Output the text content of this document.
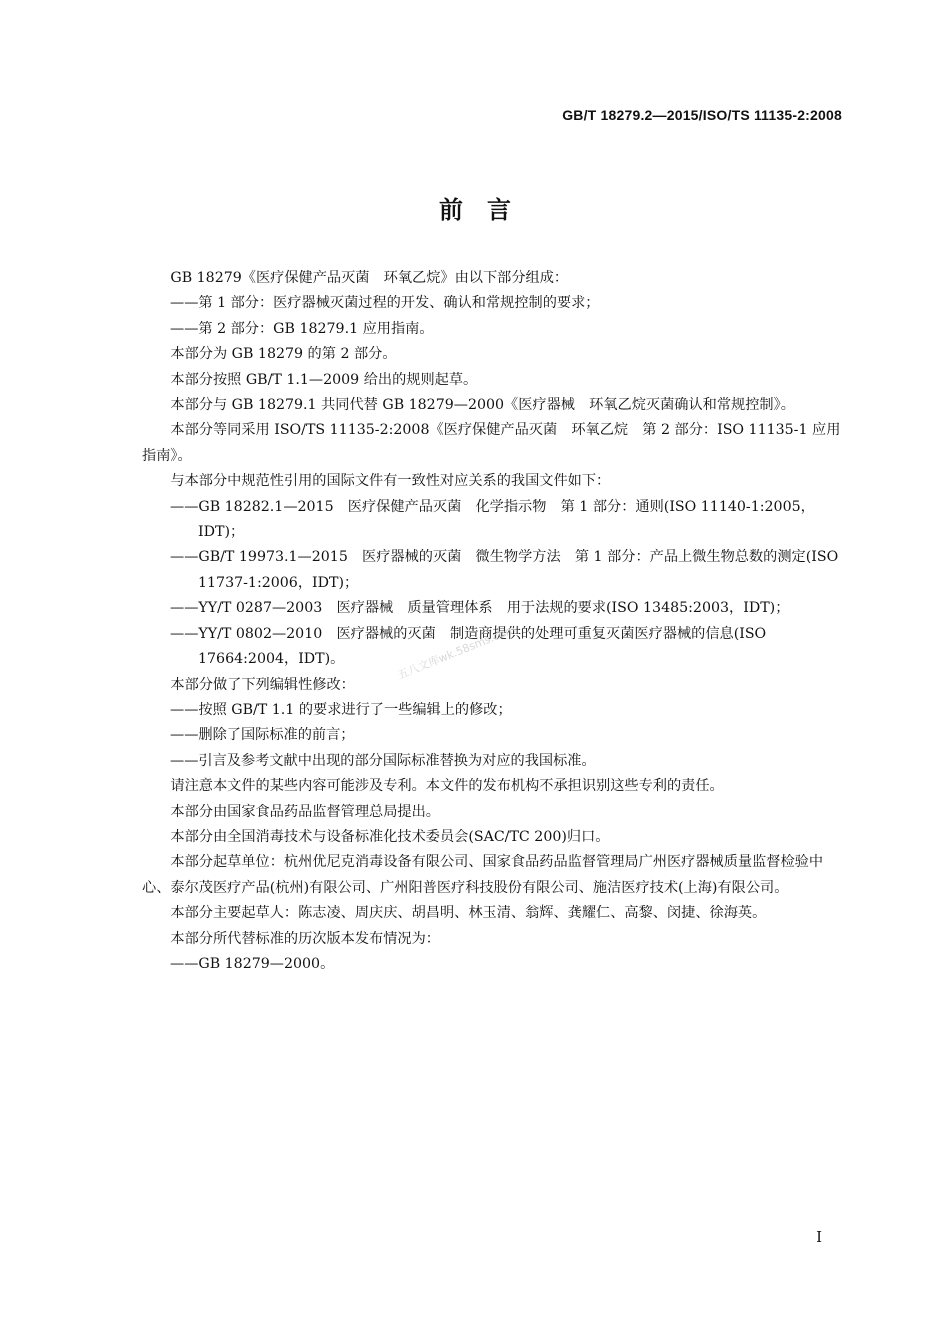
GB/T 18279.2—2015/ISO/TS 11135-2:2008
前　言

GB 18279《医疗保健产品灭菌　环氧乙烷》由以下部分组成：

——第 1 部分：医疗器械灭菌过程的开发、确认和常规控制的要求；

——第 2 部分：GB 18279.1 应用指南。

本部分为 GB 18279 的第 2 部分。

本部分按照 GB/T 1.1—2009 给出的规则起草。

本部分与 GB 18279.1 共同代替 GB 18279—2000《医疗器械　环氧乙烷灭菌确认和常规控制》。

本部分等同采用 ISO/TS 11135-2:2008《医疗保健产品灭菌　环氧乙烷　第 2 部分：ISO 11135-1 应用指南》。

与本部分中规范性引用的国际文件有一致性对应关系的我国文件如下：

——GB 18282.1—2015　医疗保健产品灭菌　化学指示物　第 1 部分：通则(ISO 11140-1:2005，IDT)；

——GB/T 19973.1—2015　医疗器械的灭菌　微生物学方法　第 1 部分：产品上微生物总数的测定(ISO 11737-1:2006，IDT)；

——YY/T 0287—2003　医疗器械　质量管理体系　用于法规的要求(ISO 13485:2003，IDT)；

——YY/T 0802—2010　医疗器械的灭菌　制造商提供的处理可重复灭菌医疗器械的信息(ISO 17664:2004，IDT)。

本部分做了下列编辑性修改：

——按照 GB/T 1.1 的要求进行了一些编辑上的修改；

——删除了国际标准的前言；

——引言及参考文献中出现的部分国际标准替换为对应的我国标准。

请注意本文件的某些内容可能涉及专利。本文件的发布机构不承担识别这些专利的责任。

本部分由国家食品药品监督管理总局提出。

本部分由全国消毒技术与设备标准化技术委员会(SAC/TC 200)归口。

本部分起草单位：杭州优尼克消毒设备有限公司、国家食品药品监督管理局广州医疗器械质量监督检验中心、泰尔茂医疗产品(杭州)有限公司、广州阳普医疗科技股份有限公司、施洁医疗技术(上海)有限公司。

本部分主要起草人：陈志凌、周庆庆、胡昌明、林玉清、翁辉、龚耀仁、高黎、闵捷、徐海英。

本部分所代替标准的历次版本发布情况为：

——GB 18279—2000。

五八文库wk.58sms.com
I
